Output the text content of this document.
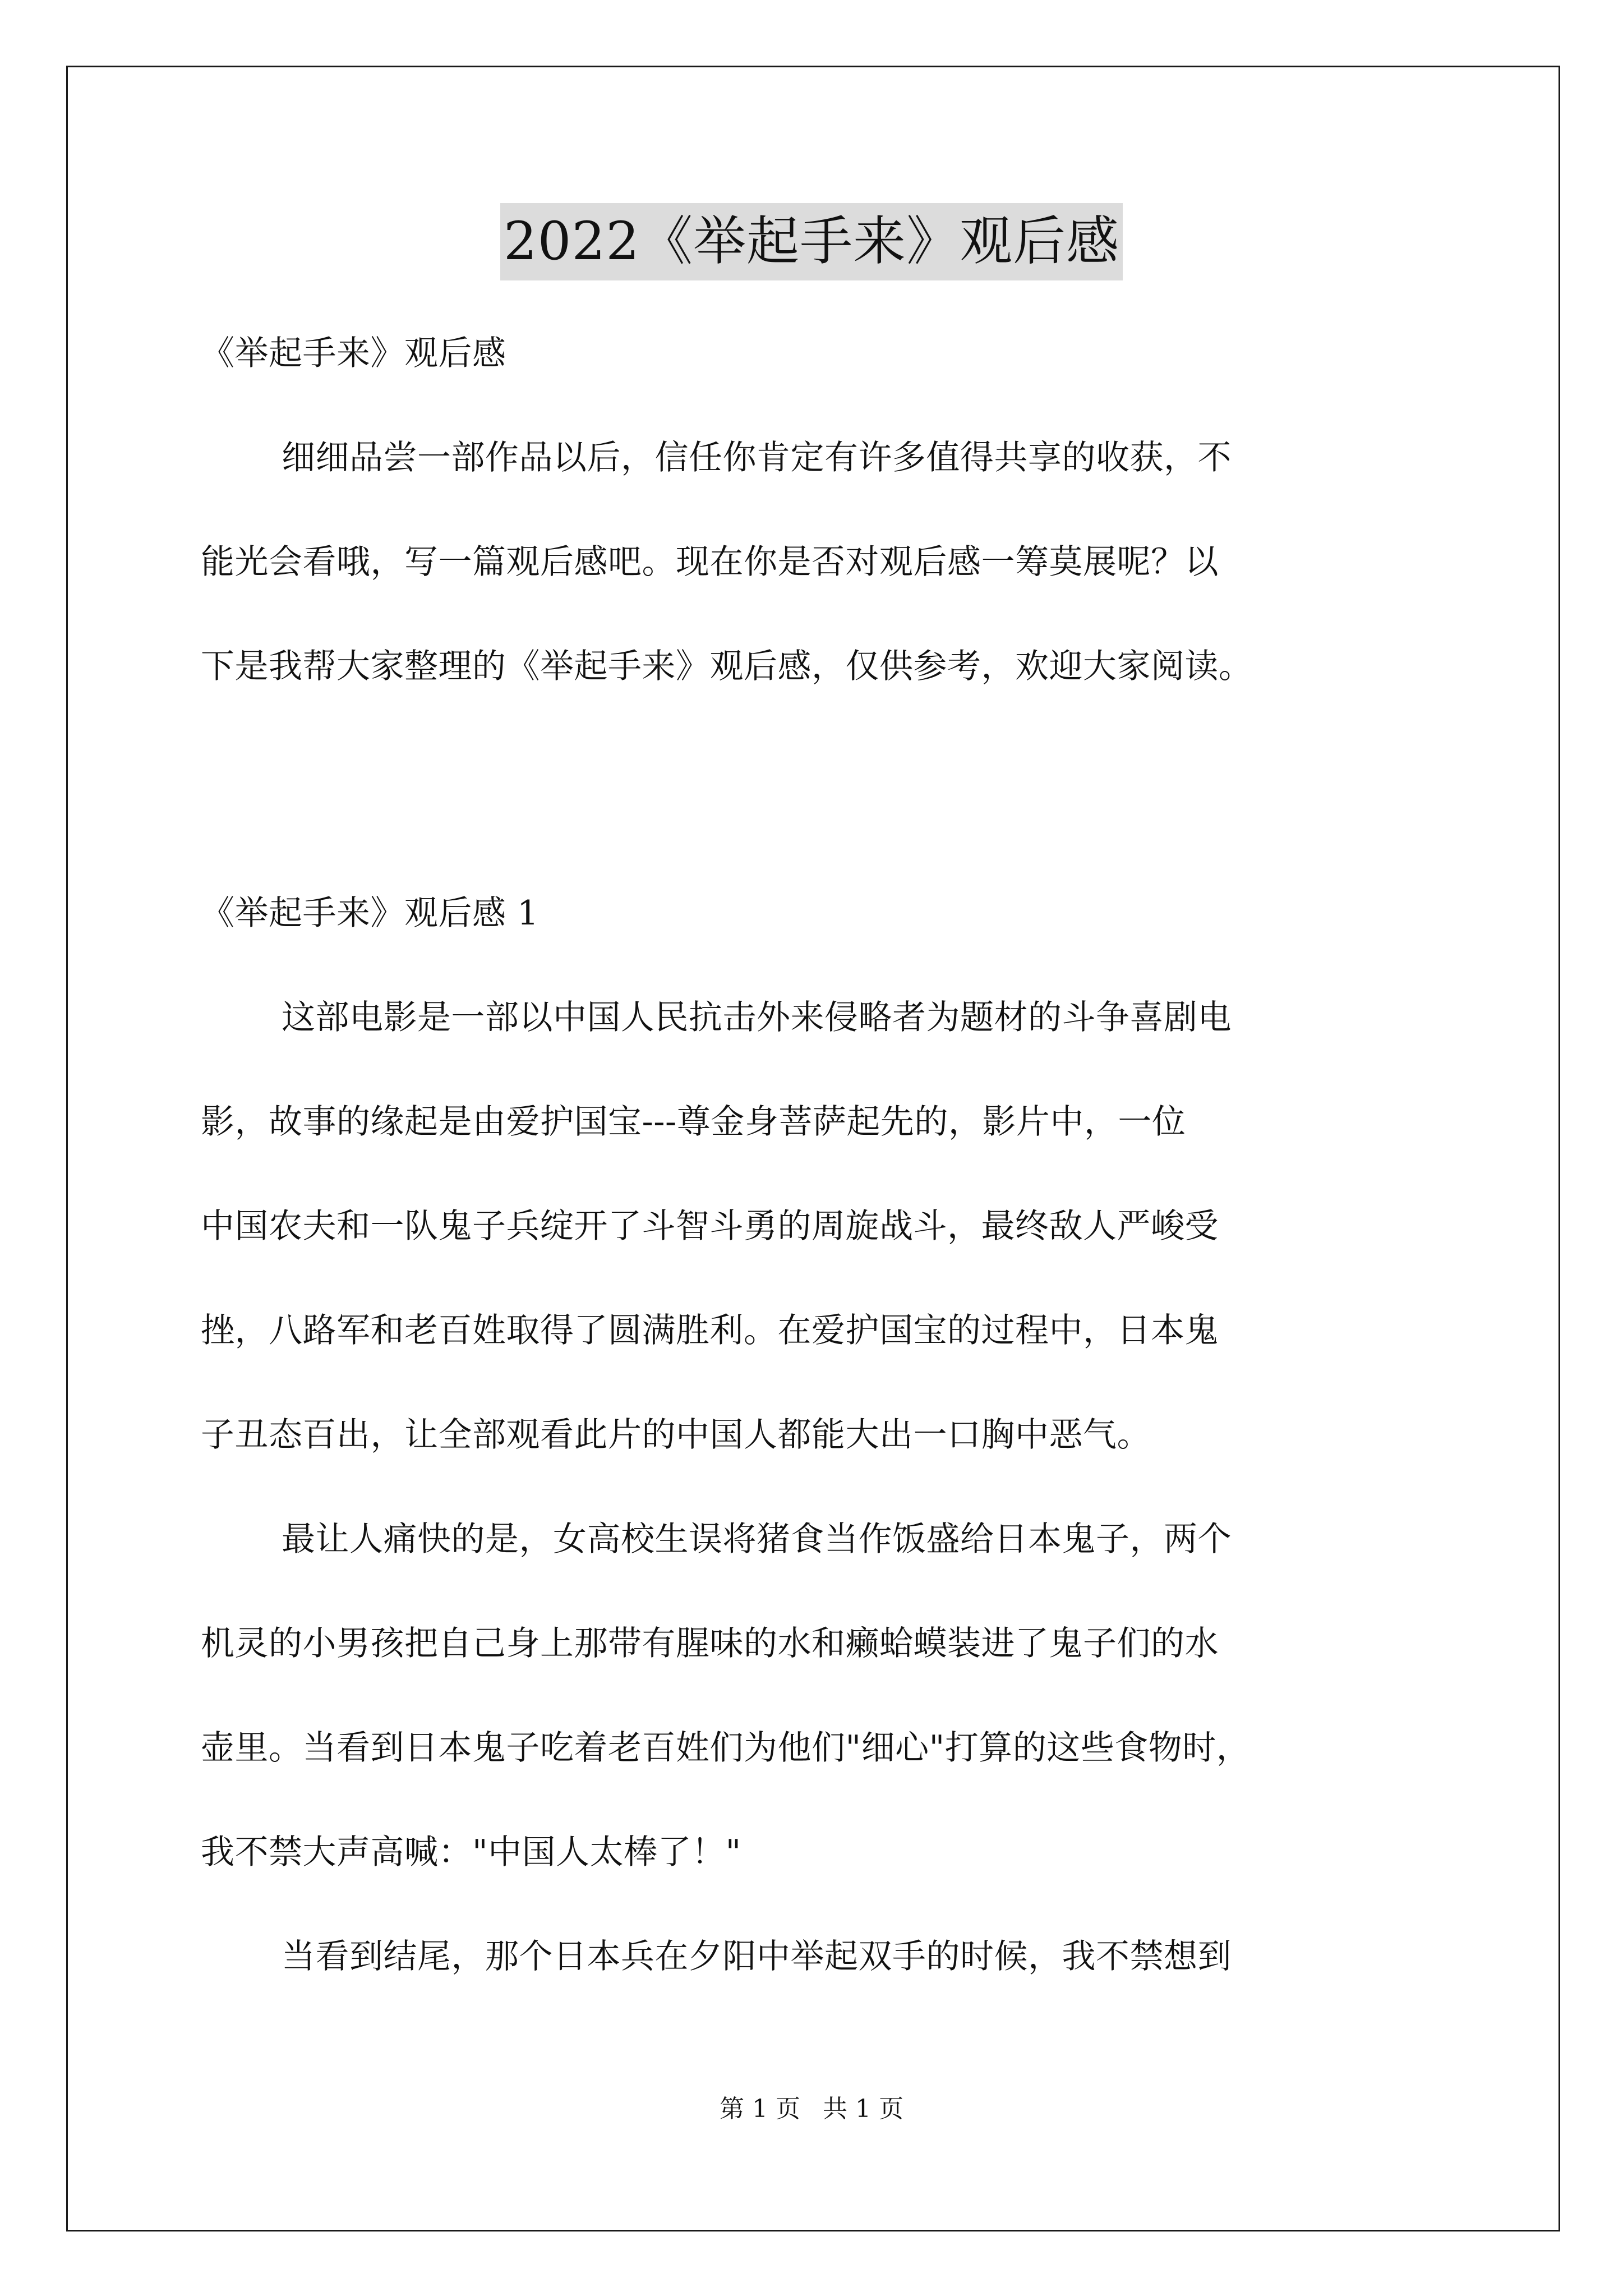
2022《举起手来》观后感
《举起手来》观后感
细细品尝一部作品以后，信任你肯定有许多值得共享的收获，不
能光会看哦，写一篇观后感吧。现在你是否对观后感一筹莫展呢？以
下是我帮大家整理的《举起手来》观后感，仅供参考，欢迎大家阅读。
《举起手来》观后感 1
这部电影是一部以中国人民抗击外来侵略者为题材的斗争喜剧电
影，故事的缘起是由爱护国宝---尊金身菩萨起先的，影片中，一位
中国农夫和一队鬼子兵绽开了斗智斗勇的周旋战斗，最终敌人严峻受
挫，八路军和老百姓取得了圆满胜利。在爱护国宝的过程中，日本鬼
子丑态百出，让全部观看此片的中国人都能大出一口胸中恶气。
最让人痛快的是，女高校生误将猪食当作饭盛给日本鬼子，两个
机灵的小男孩把自己身上那带有腥味的水和癞蛤蟆装进了鬼子们的水
壶里。当看到日本鬼子吃着老百姓们为他们"细心"打算的这些食物时，
我不禁大声高喊："中国人太棒了！"
当看到结尾，那个日本兵在夕阳中举起双手的时候，我不禁想到
第 1 页 共 1 页
